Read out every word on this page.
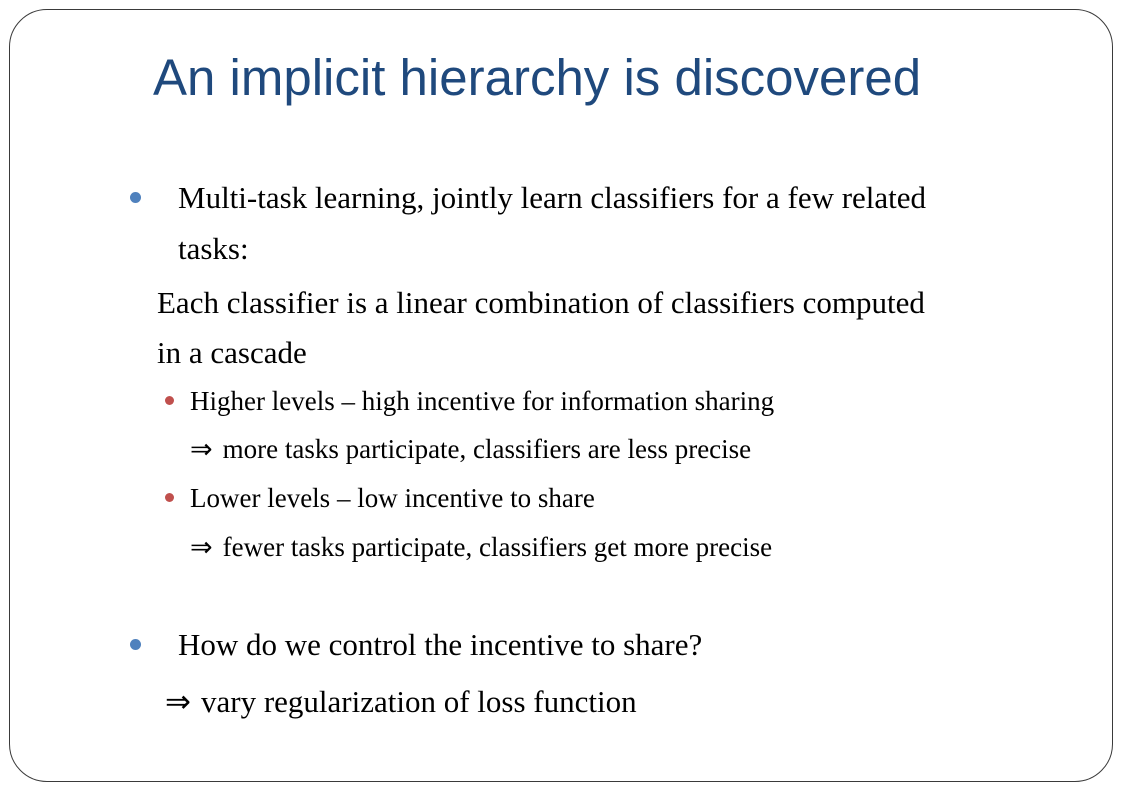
An implicit hierarchy is discovered
Multi-task learning, jointly learn classifiers for a few related
tasks:
Each classifier is a linear combination of classifiers computed
in a cascade
Higher levels – high incentive for information sharing
⇒ more tasks participate, classifiers are less precise
Lower levels – low incentive to share
⇒ fewer tasks participate, classifiers get more precise
How do we control the incentive to share?
⇒ vary regularization of loss function
